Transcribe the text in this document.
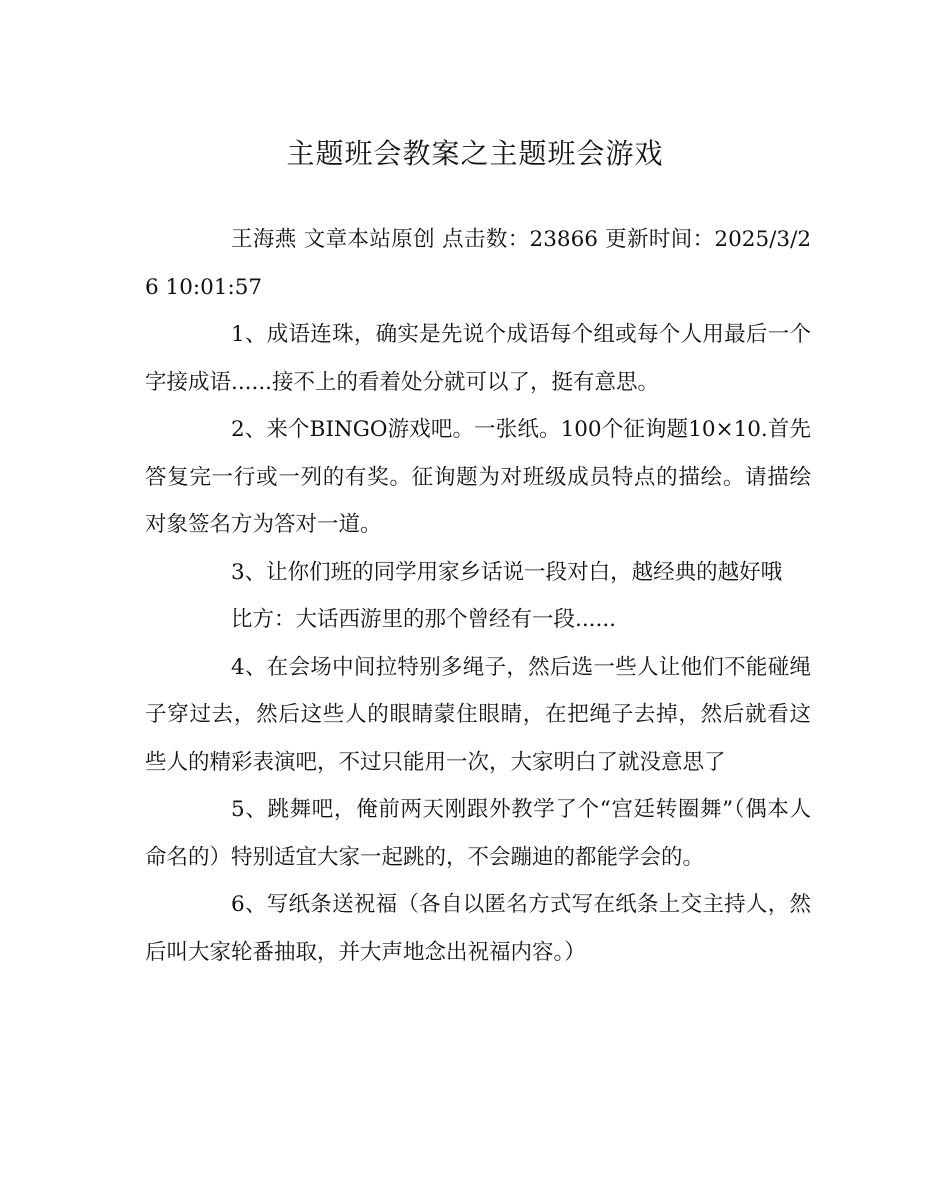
主题班会教案之主题班会游戏

王海燕 文章本站原创 点击数：23866 更新时间：2025/3/26 10:01:57

1、成语连珠，确实是先说个成语每个组或每个人用最后一个字接成语......接不上的看着处分就可以了，挺有意思。

2、来个BINGO游戏吧。一张纸。100个征询题10×10.首先答复完一行或一列的有奖。征询题为对班级成员特点的描绘。请描绘对象签名方为答对一道。

3、让你们班的同学用家乡话说一段对白，越经典的越好哦

比方：大话西游里的那个曾经有一段......

4、在会场中间拉特别多绳子，然后选一些人让他们不能碰绳子穿过去，然后这些人的眼睛蒙住眼睛，在把绳子去掉，然后就看这些人的精彩表演吧，不过只能用一次，大家明白了就没意思了

5、跳舞吧，俺前两天刚跟外教学了个“宫廷转圈舞”（偶本人命名的）特别适宜大家一起跳的，不会蹦迪的都能学会的。

6、写纸条送祝福（各自以匿名方式写在纸条上交主持人，然后叫大家轮番抽取，并大声地念出祝福内容。）
